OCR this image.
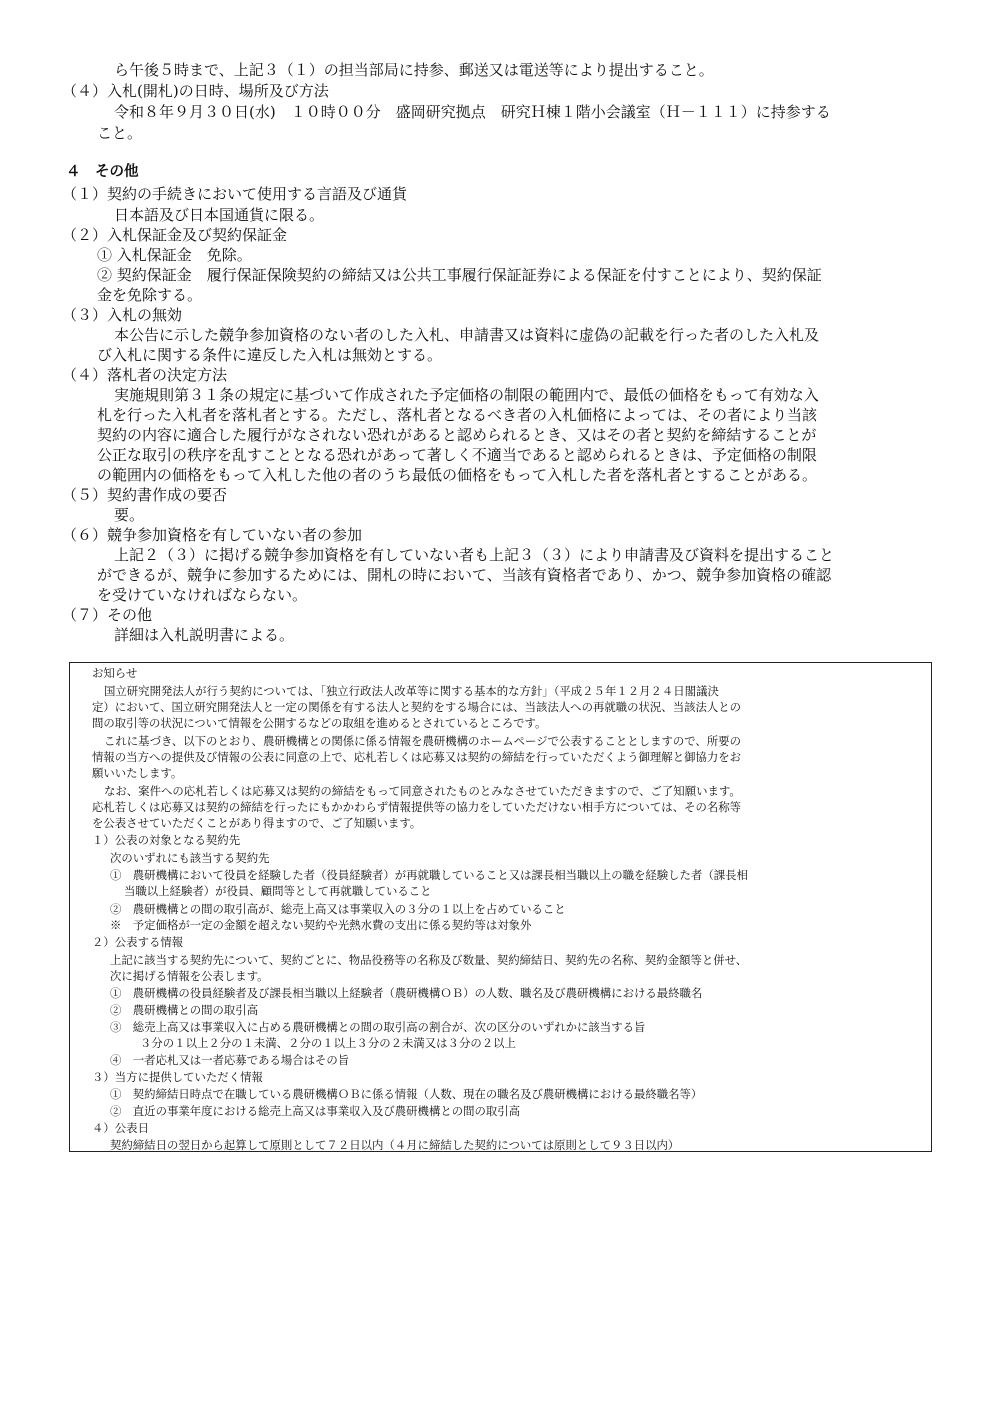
ら午後５時まで、上記３（１）の担当部局に持参、郵送又は電送等により提出すること。
（４）入札(開札)の日時、場所及び方法
令和８年９月３０日(水)　１０時００分　盛岡研究拠点　研究Ｈ棟１階小会議室（Ｈ－１１１）に持参する
こと。
４　その他
（１）契約の手続きにおいて使用する言語及び通貨
日本語及び日本国通貨に限る。
（２）入札保証金及び契約保証金
① 入札保証金　免除。
② 契約保証金　履行保証保険契約の締結又は公共工事履行保証証券による保証を付すことにより、契約保証
金を免除する。
（３）入札の無効
本公告に示した競争参加資格のない者のした入札、申請書又は資料に虚偽の記載を行った者のした入札及
び入札に関する条件に違反した入札は無効とする。
（４）落札者の決定方法
実施規則第３１条の規定に基づいて作成された予定価格の制限の範囲内で、最低の価格をもって有効な入
札を行った入札者を落札者とする。ただし、落札者となるべき者の入札価格によっては、その者により当該
契約の内容に適合した履行がなされない恐れがあると認められるとき、又はその者と契約を締結することが
公正な取引の秩序を乱すこととなる恐れがあって著しく不適当であると認められるときは、予定価格の制限
の範囲内の価格をもって入札した他の者のうち最低の価格をもって入札した者を落札者とすることがある。
（５）契約書作成の要否
要。
（６）競争参加資格を有していない者の参加
上記２（３）に掲げる競争参加資格を有していない者も上記３（３）により申請書及び資料を提出すること
ができるが、競争に参加するためには、開札の時において、当該有資格者であり、かつ、競争参加資格の確認
を受けていなければならない。
（７）その他
詳細は入札説明書による。
お知らせ
国立研究開発法人が行う契約については、「独立行政法人改革等に関する基本的な方針」（平成２５年１２月２４日閣議決
定）において、国立研究開発法人と一定の関係を有する法人と契約をする場合には、当該法人への再就職の状況、当該法人との
間の取引等の状況について情報を公開するなどの取組を進めるとされているところです。
これに基づき、以下のとおり、農研機構との関係に係る情報を農研機構のホームページで公表することとしますので、所要の
情報の当方への提供及び情報の公表に同意の上で、応札若しくは応募又は契約の締結を行っていただくよう御理解と御協力をお
願いいたします。
なお、案件への応札若しくは応募又は契約の締結をもって同意されたものとみなさせていただきますので、ご了知願います。
応札若しくは応募又は契約の締結を行ったにもかかわらず情報提供等の協力をしていただけない相手方については、その名称等
を公表させていただくことがあり得ますので、ご了知願います。
１）公表の対象となる契約先
次のいずれにも該当する契約先
①　農研機構において役員を経験した者（役員経験者）が再就職していること又は課長相当職以上の職を経験した者（課長相
当職以上経験者）が役員、顧問等として再就職していること
②　農研機構との間の取引高が、総売上高又は事業収入の３分の１以上を占めていること
※　予定価格が一定の金額を超えない契約や光熱水費の支出に係る契約等は対象外
２）公表する情報
上記に該当する契約先について、契約ごとに、物品役務等の名称及び数量、契約締結日、契約先の名称、契約金額等と併せ、
次に掲げる情報を公表します。
①　農研機構の役員経験者及び課長相当職以上経験者（農研機構ＯＢ）の人数、職名及び農研機構における最終職名
②　農研機構との間の取引高
③　総売上高又は事業収入に占める農研機構との間の取引高の割合が、次の区分のいずれかに該当する旨
３分の１以上２分の１未満、２分の１以上３分の２未満又は３分の２以上
④　一者応札又は一者応募である場合はその旨
３）当方に提供していただく情報
①　契約締結日時点で在職している農研機構ＯＢに係る情報（人数、現在の職名及び農研機構における最終職名等）
②　直近の事業年度における総売上高又は事業収入及び農研機構との間の取引高
４）公表日
契約締結日の翌日から起算して原則として７２日以内（４月に締結した契約については原則として９３日以内）
